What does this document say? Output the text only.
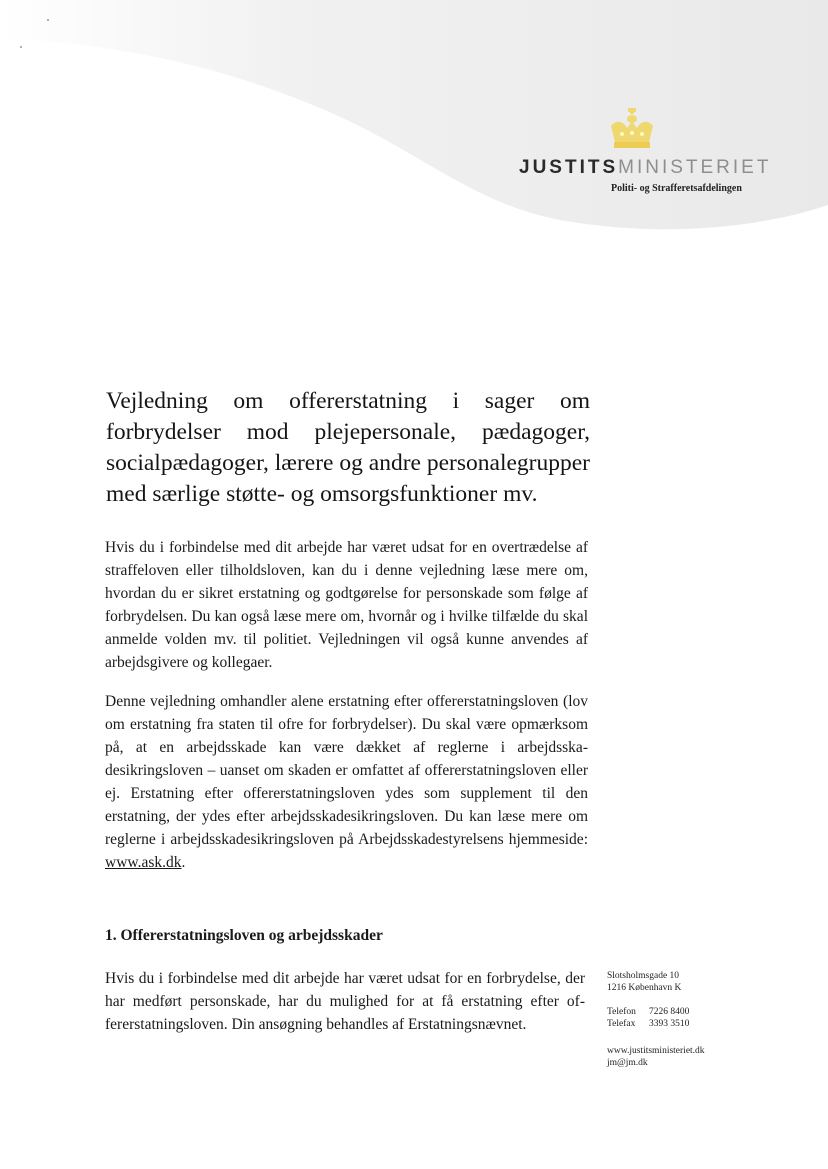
JUSTITSMINISTERIET
Politi- og Strafferetsafdelingen
Vejledning om offererstatning i sager om forbrydelser mod plejepersonale, pædagoger, socialpædagoger, lærere og andre personalegrupper med særlige støtte- og omsorgsfunktioner mv.

Hvis du i forbindelse med dit arbejde har været udsat for en overtrædelse af straffeloven eller tilholdsloven, kan du i denne vejledning læse mere om, hvordan du er sikret erstatning og godtgørelse for personskade som følge af forbrydelsen. Du kan også læse mere om, hvornår og i hvilke tilfælde du skal anmelde volden mv. til politiet. Vejledningen vil også kunne anvendes af arbejdsgivere og kollegaer.

Denne vejledning omhandler alene erstatning efter offererstatningsloven (lov om erstatning fra staten til ofre for forbrydelser). Du skal være opmærksom på, at en arbejdsskade kan være dækket af reglerne i arbejdsskadesikringsloven – uanset om skaden er omfattet af offererstatningsloven eller ej. Erstatning efter offererstatningsloven ydes som supplement til den erstatning, der ydes efter arbejdsskadesikringsloven. Du kan læse mere om reglerne i arbejdsskadesikringsloven på Arbejdsskadestyrelsens hjemmeside: www.ask.dk.

1. Offererstatningsloven og arbejdsskader

Hvis du i forbindelse med dit arbejde har været udsat for en forbrydelse, der har medført personskade, har du mulighed for at få erstatning efter offererstatningsloven. Din ansøgning behandles af Erstatningsnævnet.

Slotsholmsgade 10
1216 København K
Telefon	7226 8400
Telefax	3393 3510
www.justitsministeriet.dk
jm@jm.dk
